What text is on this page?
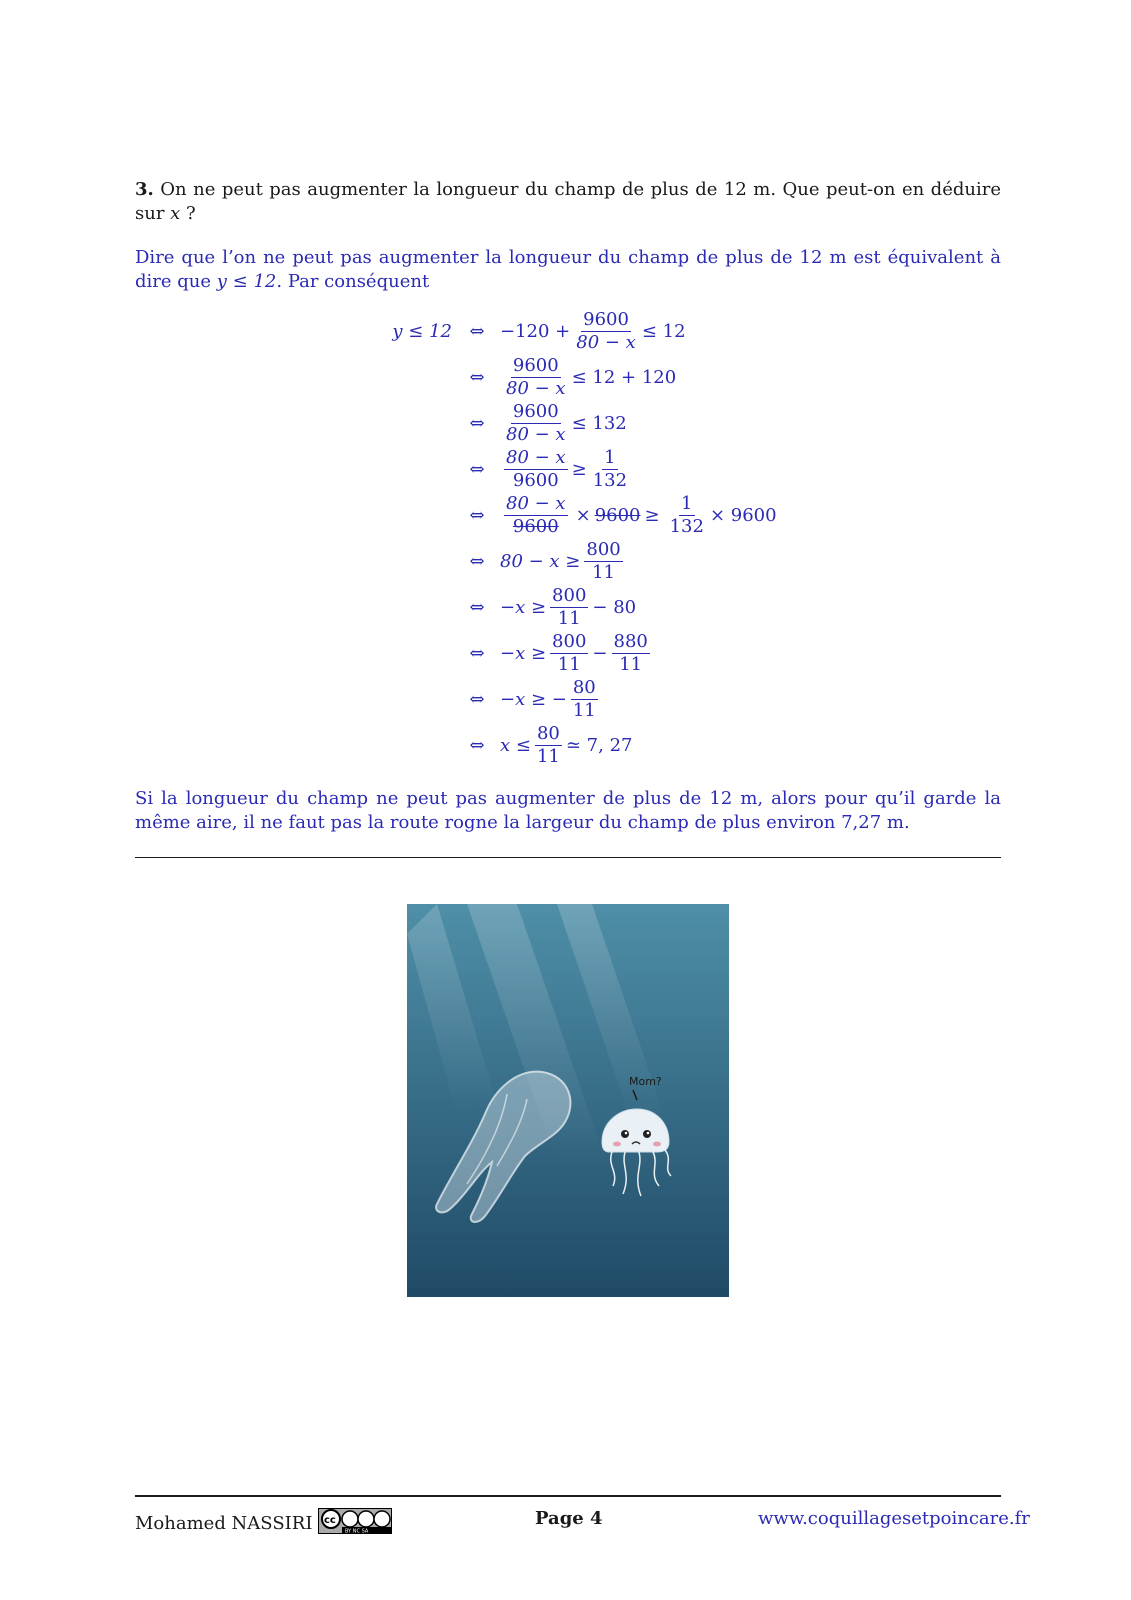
3. On ne peut pas augmenter la longueur du champ de plus de 12 m. Que peut-on en déduire sur x ?
Dire que l’on ne peut pas augmenter la longueur du champ de plus de 12 m est équivalent à dire que y ≤ 12. Par conséquent
y ≤ 12 ⇔ $-120 + \frac{9600}{80 - x} \le 12$
⇔ $\frac{9600}{80 - x} \le 12 + 120$
⇔ $\frac{9600}{80 - x} \le 132$
⇔ $\frac{80 - x}{9600} \ge \frac{1}{132}$
⇔ $\frac{80 - x}{9600} \times 9600 \ge \frac{1}{132} \times 9600$
⇔ $80 - x \ge \frac{800}{11}$
⇔ $-x \ge \frac{800}{11} - 80$
⇔ $-x \ge \frac{800}{11} - \frac{880}{11}$
⇔ −x ≥ − $\frac{80}{11}$
⇔ $x \le \frac{80}{11}$ ≃ 7, 27
Si la longueur du champ ne peut pas augmenter de plus de 12 m, alors pour qu’il garde la même aire, il ne faut pas la route rogne la largeur du champ de plus environ 7,27 m.
Mom?
Mohamed NASSIRI cc
BY NC SA
Page 4	www.coquillagesetpoincare.fr
